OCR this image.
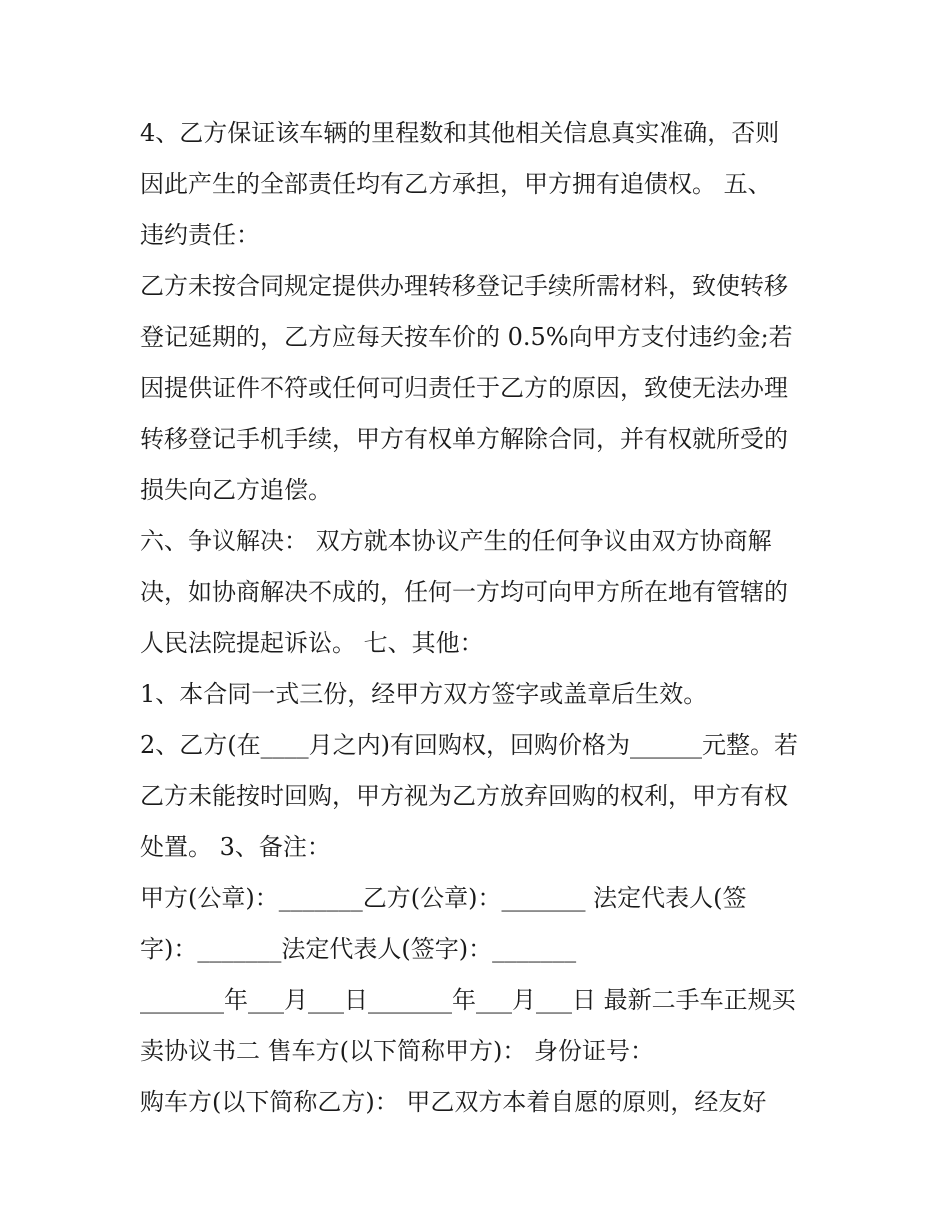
4、乙方保证该车辆的里程数和其他相关信息真实准确，否则
因此产生的全部责任均有乙方承担，甲方拥有追债权。 五、
违约责任：
乙方未按合同规定提供办理转移登记手续所需材料，致使转移
登记延期的，乙方应每天按车价的 0.5%向甲方支付违约金;若
因提供证件不符或任何可归责任于乙方的原因，致使无法办理
转移登记手机手续，甲方有权单方解除合同，并有权就所受的
损失向乙方追偿。
六、争议解决： 双方就本协议产生的任何争议由双方协商解
决，如协商解决不成的，任何一方均可向甲方所在地有管辖的
人民法院提起诉讼。 七、其他：
1、本合同一式三份，经甲方双方签字或盖章后生效。
2、乙方(在____月之内)有回购权，回购价格为______元整。若
乙方未能按时回购，甲方视为乙方放弃回购的权利，甲方有权
处置。 3、备注：
甲方(公章)：_______乙方(公章)：_______ 法定代表人(签
字)：_______法定代表人(签字)：_______
_______年___月___日_______年___月___日 最新二手车正规买
卖协议书二 售车方(以下简称甲方)： 身份证号：
购车方(以下简称乙方)： 甲乙双方本着自愿的原则，经友好
